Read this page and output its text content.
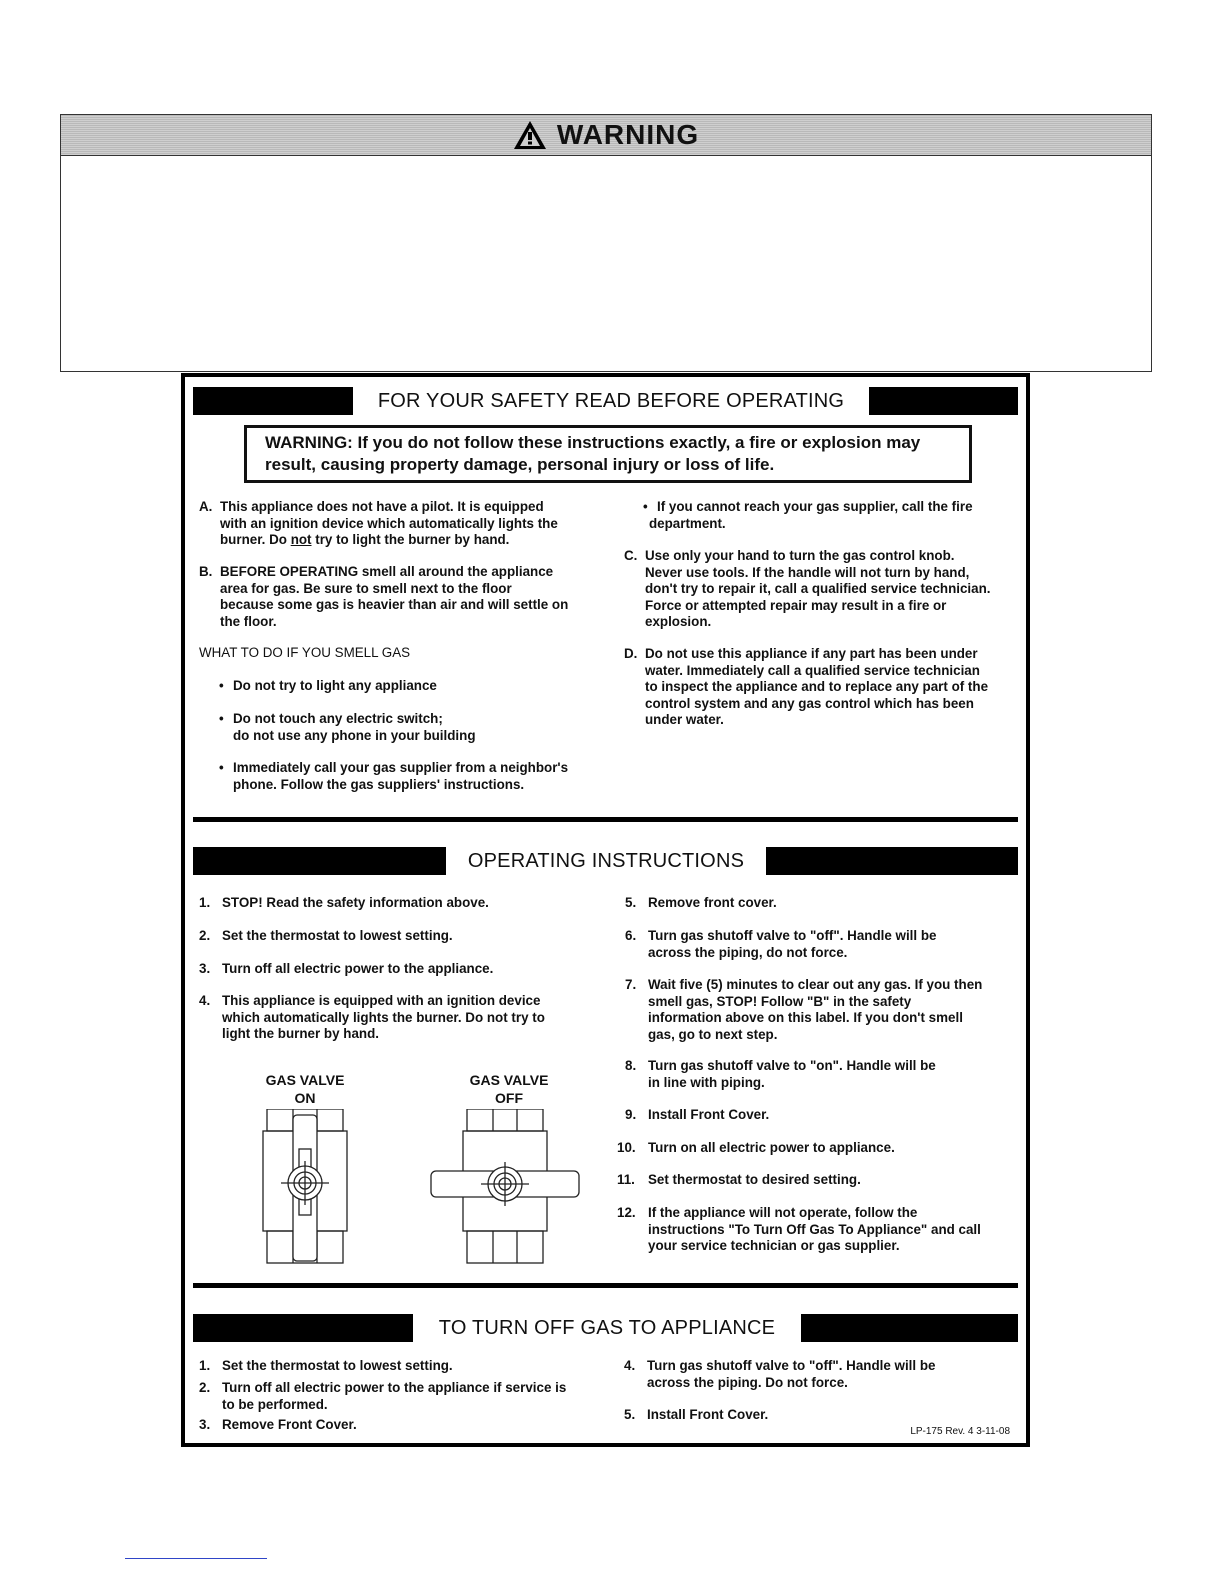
WARNING
FOR YOUR SAFETY READ BEFORE OPERATING
WARNING: If you do not follow these instructions exactly, a fire or explosion may
result, causing property damage, personal injury or loss of life.
A. This appliance does not have a pilot. It is equipped
with an ignition device which automatically lights the
burner. Do not try to light the burner by hand.
B. BEFORE OPERATING smell all around the appliance
area for gas. Be sure to smell next to the floor
because some gas is heavier than air and will settle on
the floor.
WHAT TO DO IF YOU SMELL GAS
• Do not try to light any appliance
• Do not touch any electric switch;
do not use any phone in your building
• Immediately call your gas supplier from a neighbor's
phone. Follow the gas suppliers' instructions.
• If you cannot reach your gas supplier, call the fire
department.
C. Use only your hand to turn the gas control knob.
Never use tools. If the handle will not turn by hand,
don't try to repair it, call a qualified service technician.
Force or attempted repair may result in a fire or
explosion.
D. Do not use this appliance if any part has been under
water. Immediately call a qualified service technician
to inspect the appliance and to replace any part of the
control system and any gas control which has been
under water.
OPERATING INSTRUCTIONS
1. STOP! Read the safety information above.
2. Set the thermostat to lowest setting.
3. Turn off all electric power to the appliance.
4. This appliance is equipped with an ignition device
which automatically lights the burner. Do not try to
light the burner by hand.
GAS VALVE
ON
GAS VALVE
OFF
5. Remove front cover.
6. Turn gas shutoff valve to "off". Handle will be
across the piping, do not force.
7. Wait five (5) minutes to clear out any gas. If you then
smell gas, STOP! Follow "B" in the safety
information above on this label. If you don't smell
gas, go to next step.
8. Turn gas shutoff valve to "on". Handle will be
in line with piping.
9. Install Front Cover.
10. Turn on all electric power to appliance.
11. Set thermostat to desired setting.
12. If the appliance will not operate, follow the
instructions "To Turn Off Gas To Appliance" and call
your service technician or gas supplier.
TO TURN OFF GAS TO APPLIANCE
1. Set the thermostat to lowest setting.
2. Turn off all electric power to the appliance if service is
to be performed.
3. Remove Front Cover.
4. Turn gas shutoff valve to "off". Handle will be
across the piping. Do not force.
5. Install Front Cover.
LP-175 Rev. 4 3-11-08
